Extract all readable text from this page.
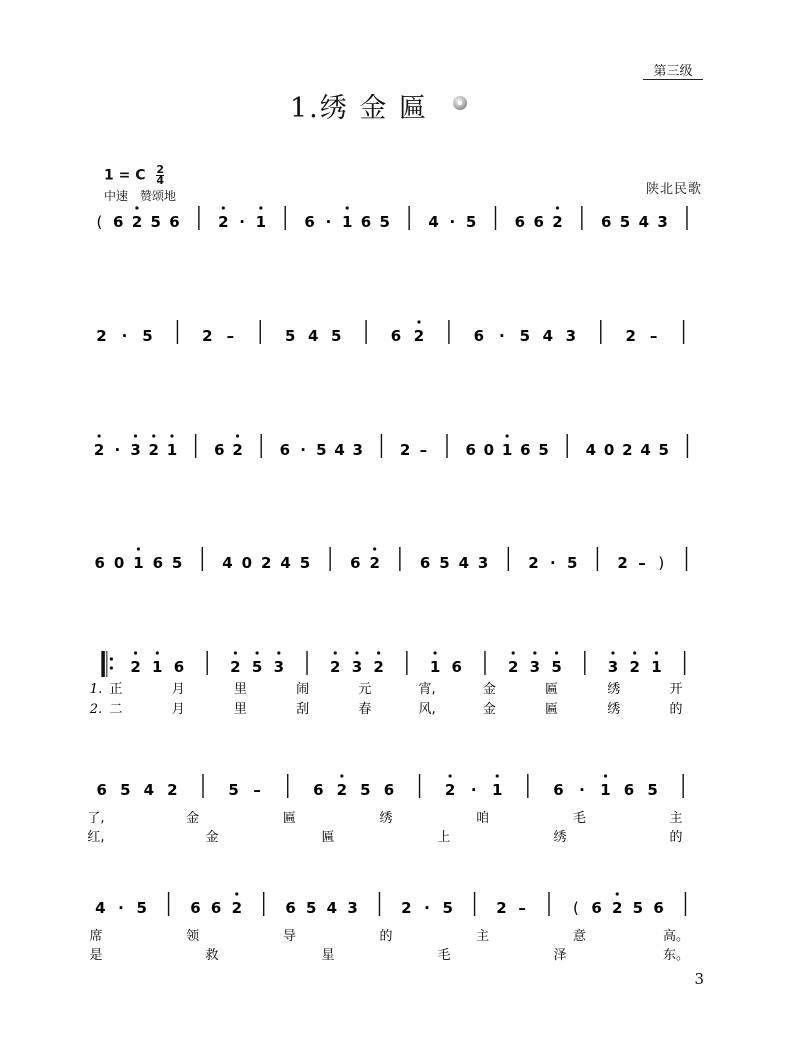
第三级
1.绣 金 匾
1 = C $\frac{2}{4}$
中速　赞颂地	陕北民歌
( 6 2 5 6	2 · 1	6 · 1 6 5	4 · 5	6 6 2	6 5 4 3
2 · 5	2 –	5 4 5	6 2	6 · 5 4 3	2 –
2 · 3 2 1 6 2 6 · 5 4 3 2 –	6 0 1 6 5 4 0 2 4 5
6 0 1 6 5	4 0 2 4 5	6 2	6 5 4 3	2 · 5	2 – )
2 1 6	2 5 3	2 3 2	1 6	2 3 5	3 2 1
1. 正	月	里	闹	元	宵,	金	匾	绣	开
2. 二	月	里	刮	春	风,	金	匾	绣	的
6 5 4 2	5 –	6 2 5 6	2 · 1	6 · 1 6 5
了,	金	匾	绣	咱	毛	主
红,	金	匾	上	绣	的
4 · 5	6 6 2	6 5 4 3	2 · 5	2 –	( 6 2 5 6
席	领	导	的	主	意	高。
是	救	星	毛	泽	东。
3
